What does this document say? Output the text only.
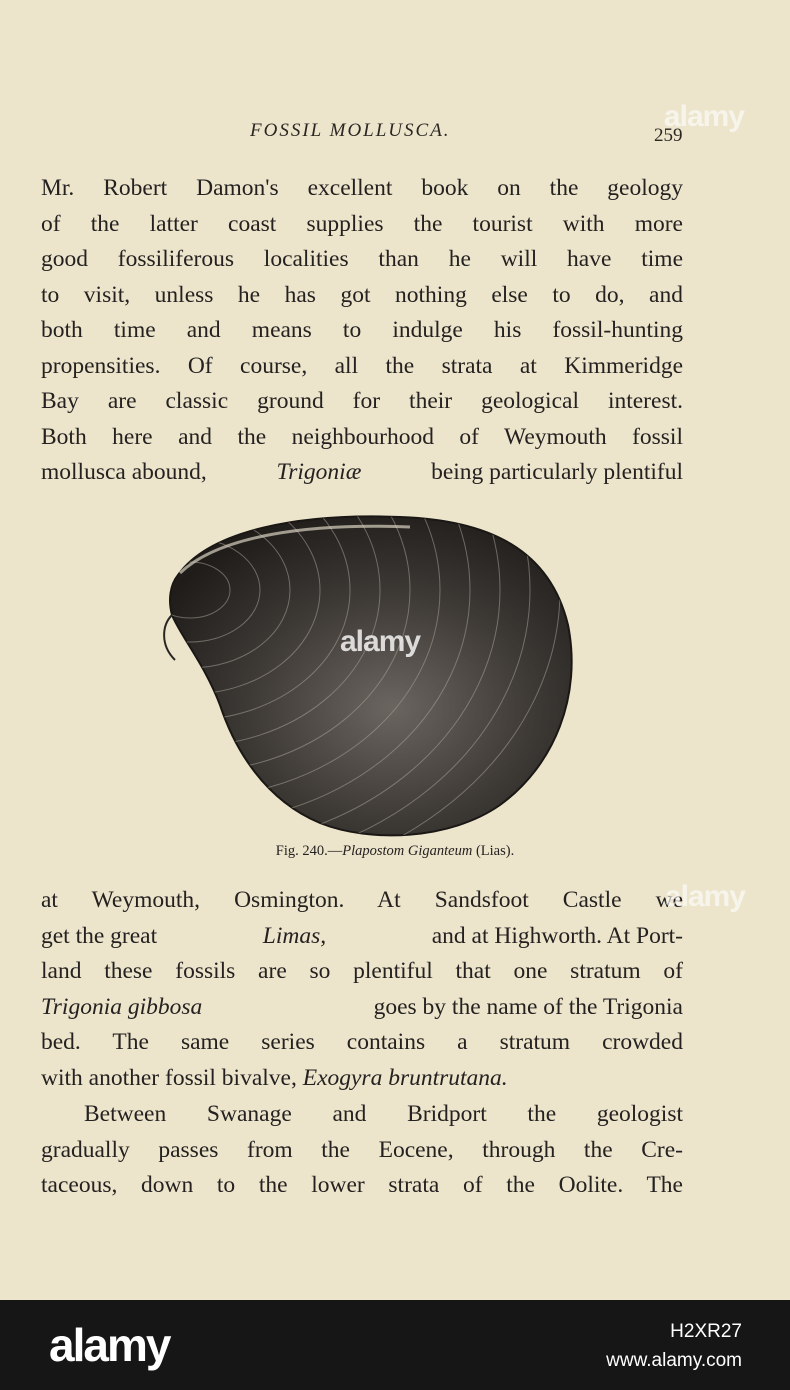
FOSSIL MOLLUSCA.	259
alamy
Mr. Robert Damon's excellent book on the geology
of the latter coast supplies the tourist with more
good fossiliferous localities than he will have time
to visit, unless he has got nothing else to do, and
both time and means to indulge his fossil-hunting
propensities. Of course, all the strata at Kimmeridge
Bay are classic ground for their geological interest.
Both here and the neighbourhood of Weymouth fossil
mollusca abound,	Trigoniæ	being particularly plentiful
alamy
Fig. 240.—Plapostom Giganteum (Lias).
at Weymouth, Osmington. At Sandsfoot Castle we
get the great	Limas,	and at Highworth. At Port-
land these fossils are so plentiful that one stratum of
Trigonia gibbosa	goes by the name of the Trigonia
bed. The same series contains a stratum crowded
with another fossil bivalve, Exogyra bruntrutana.
alamy
Between Swanage and Bridport the geologist
gradually passes from the Eocene, through the Cre-
taceous, down to the lower strata of the Oolite. The
alamy	H2XR27
www.alamy.com
